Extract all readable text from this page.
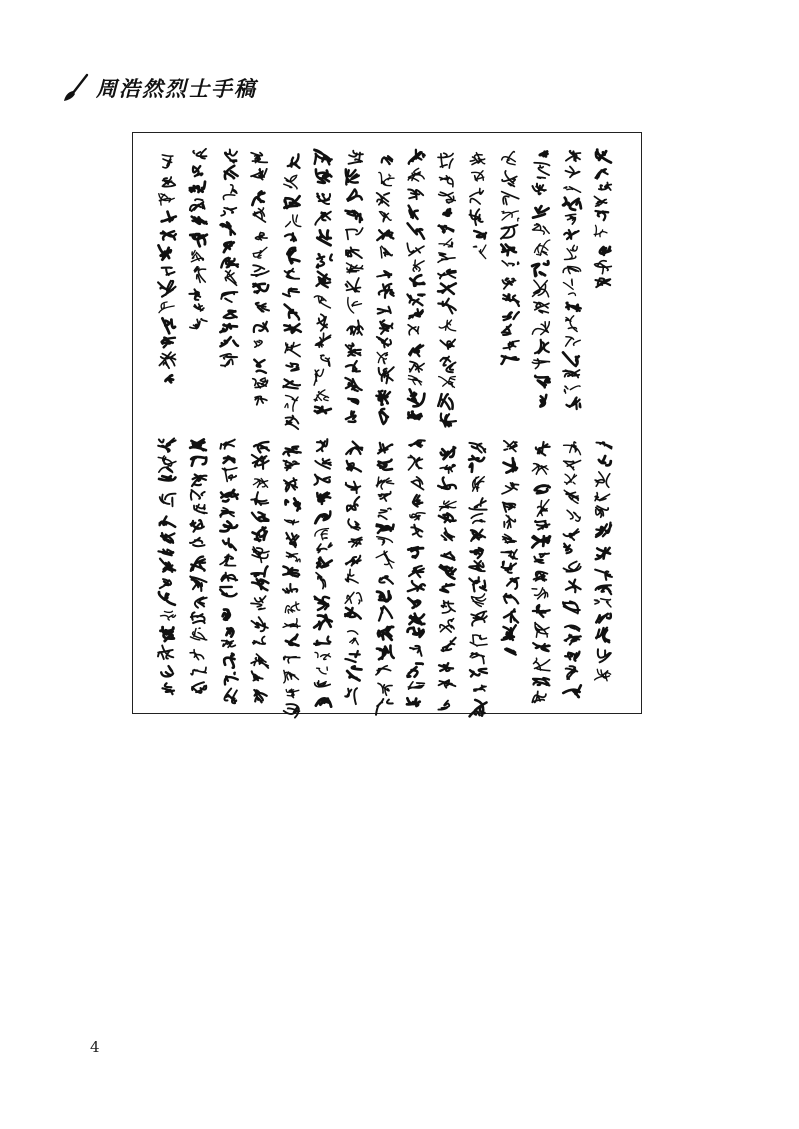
周浩然烈士手稿
4
